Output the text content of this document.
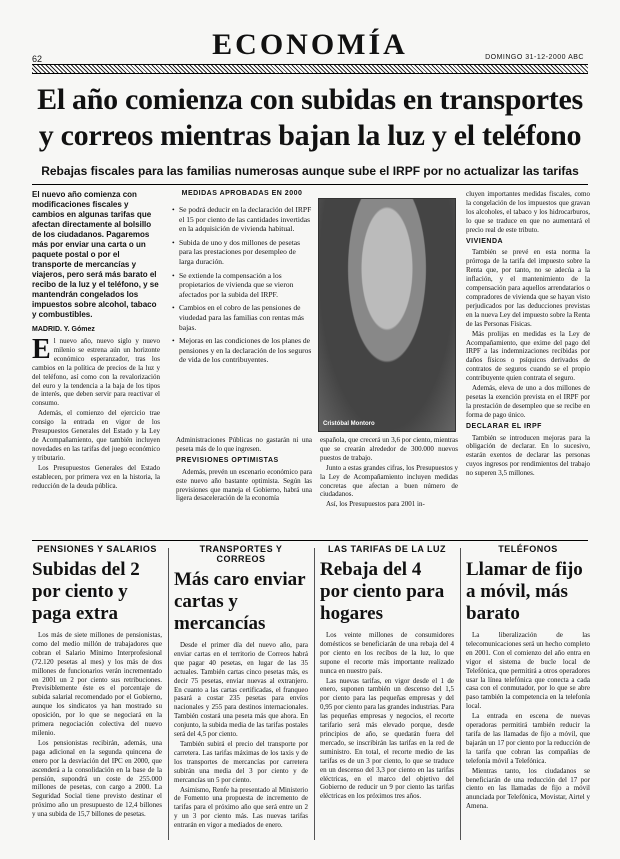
62	ECONOMÍA	DOMINGO 31-12-2000 ABC
El año comienza con subidas en transportes y correos mientras bajan la luz y el teléfono
Rebajas fiscales para las familias numerosas aunque sube el IRPF por no actualizar las tarifas
El nuevo año comienza con modificaciones fiscales y cambios en algunas tarifas que afectan directamente al bolsillo de los ciudadanos. Pagaremos más por enviar una carta o un paquete postal o por el transporte de mercancías y viajeros, pero será más barato el recibo de la luz y el teléfono, y se mantendrán congelados los impuestos sobre alcohol, tabaco y combustibles.
MADRID. Y. Gómez
E l nuevo año, nuevo siglo y nuevo milenio se estrena aún un horizonte económico esperanzador, tras los cambios en la política de precios de la luz y del teléfono, así como con la revalorización del euro y la tendencia a la baja de los tipos de interés, que deben servir para reactivar el consumo.

Además, el comienzo del ejercicio trae consigo la entrada en vigor de los Presupuestos Generales del Estado y la Ley de Acompañamiento, que también incluyen novedades en las tarifas del juego económico y tributario.

Los Presupuestos Generales del Estado establecen, por primera vez en la historia, la reducción de la deuda pública.

MEDIDAS APROBADAS EN 2000
• Se podrá deducir en la declaración del IRPF el 15 por ciento de las cantidades invertidas en la adquisición de vivienda habitual.
• Subida de uno y dos millones de pesetas para las prestaciones por desempleo de larga duración.
• Se extiende la compensación a los propietarios de vivienda que se vieron afectados por la subida del IRPF.
• Cambios en el cobro de las pensiones de viudedad para las familias con rentas más bajas.
• Mejoras en las condiciones de los planes de pensiones y en la declaración de los seguros de vida de los contribuyentes.
Cristóbal Montoro

Administraciones Públicas no gastarán ni una peseta más de lo que ingresen.

PREVISIONES OPTIMISTAS

Además, prevén un escenario económico para este nuevo año bastante optimista. Según las previsiones que maneja el Gobierno, habrá una ligera desaceleración de la economía

española, que crecerá un 3,6 por ciento, mientras que se crearán alrededor de 300.000 nuevos puestos de trabajo.

Junto a estas grandes cifras, los Presupuestos y la Ley de Acompañamiento incluyen medidas concretas que afectan a buen número de ciudadanos.

Así, los Presupuestos para 2001 in-

cluyen importantes medidas fiscales, como la congelación de los impuestos que gravan los alcoholes, el tabaco y los hidrocarburos, lo que se traduce en que no aumentará el precio real de este tributo.

VIVIENDA

También se prevé en esta norma la prórroga de la tarifa del impuesto sobre la Renta que, por tanto, no se adecúa a la inflación, y el mantenimiento de la compensación para aquellos arrendatarios o compradores de vivienda que se hayan visto perjudicados por las deducciones previstas en la nueva Ley del impuesto sobre la Renta de las Personas Físicas.

Más prolijas en medidas es la Ley de Acompañamiento, que exime del pago del IRPF a las indemnizaciones recibidas por daños físicos o psíquicos derivados de contratos de seguros cuando se el propio contribuyente quien contrata el seguro.

Además, eleva de uno a dos millones de pesetas la exención prevista en el IRPF por la prestación de desempleo que se recibe en forma de pago único.

DECLARAR EL IRPF

También se introducen mejoras para la obligación de declarar. En lo sucesivo, estarán exentos de declarar las personas cuyos ingresos por rendimientos del trabajo no superen 3,5 millones.

PENSIONES Y SALARIOS
Subidas del 2 por ciento y paga extra

Los más de siete millones de pensionistas, como del medio millón de trabajadores que cobran el Salario Mínimo Interprofesional (72.120 pesetas al mes) y los más de dos millones de funcionarios verán incrementado en 2001 un 2 por ciento sus retribuciones. Previsiblemente éste es el porcentaje de subida salarial recomendado por el Gobierno, aunque los sindicatos ya han mostrado su oposición, por lo que se negociará en la primera negociación colectiva del nuevo milenio.

Los pensionistas recibirán, además, una paga adicional en la segunda quincena de enero por la desviación del IPC en 2000, que ascenderá a la consolidación en la base de la pensión, supondrá un coste de 255.000 millones de pesetas, con cargo a 2000. La Seguridad Social tiene previsto destinar el próximo año un presupuesto de 12,4 billones y una subida de 15,7 billones de pesetas.

TRANSPORTES Y CORREOS
Más caro enviar cartas y mercancías

Desde el primer día del nuevo año, para enviar cartas en el territorio de Correos habrá que pagar 40 pesetas, en lugar de las 35 actuales. También cartas cinco pesetas más, es decir 75 pesetas, enviar nuevas al extranjero. En cuanto a las cartas certificadas, el franqueo pasará a costar 235 pesetas para envíos nacionales y 255 para destinos internacionales. También costará una peseta más que ahora. En conjunto, la subida media de las tarifas postales será del 4,5 por ciento.

También subirá el precio del transporte por carretera. Las tarifas máximas de los taxis y de los transportes de mercancías por carretera subirán una media del 3 por ciento y de mercancías un 5 por ciento.

Asimismo, Renfe ha presentado al Ministerio de Fomento una propuesta de incremento de tarifas para el próximo año que será entre un 2 y un 3 por ciento más. Las nuevas tarifas entrarán en vigor a mediados de enero.

LAS TARIFAS DE LA LUZ
Rebaja del 4 por ciento para hogares

Los veinte millones de consumidores domésticos se beneficiarán de una rebaja del 4 por ciento en los recibos de la luz, lo que supone el recorte más importante realizado nunca en nuestro país.

Las nuevas tarifas, en vigor desde el 1 de enero, suponen también un descenso del 1,5 por ciento para las pequeñas empresas y del 0,95 por ciento para las grandes industrias. Para las pequeñas empresas y negocios, el recorte tarifario será más elevado porque, desde principios de año, se quedarán fuera del mercado, se inscribirán las tarifas en la red de suministro. En total, el recorte medio de las tarifas es de un 3 por ciento, lo que se traduce en un descenso del 3,3 por ciento en las tarifas eléctricas, en el marco del objetivo del Gobierno de reducir un 9 por ciento las tarifas eléctricas en los próximos tres años.

TELÉFONOS
Llamar de fijo a móvil, más barato

La liberalización de las telecomunicaciones será un hecho completo en 2001. Con el comienzo del año entra en vigor el sistema de bucle local de Telefónica, que permitirá a otros operadores usar la línea telefónica que conecta a cada casa con el conmutador, por lo que se abre paso también la competencia en la telefonía local.

La entrada en escena de nuevas operadoras permitirá también reducir la tarifa de las llamadas de fijo a móvil, que bajarán un 17 por ciento por la reducción de la tarifa que cobran las compañías de telefonía móvil a Telefónica.

Mientras tanto, los ciudadanos se beneficiarán de una reducción del 17 por ciento en las llamadas de fijo a móvil anunciada por Telefónica, Movistar, Airtel y Amena.
